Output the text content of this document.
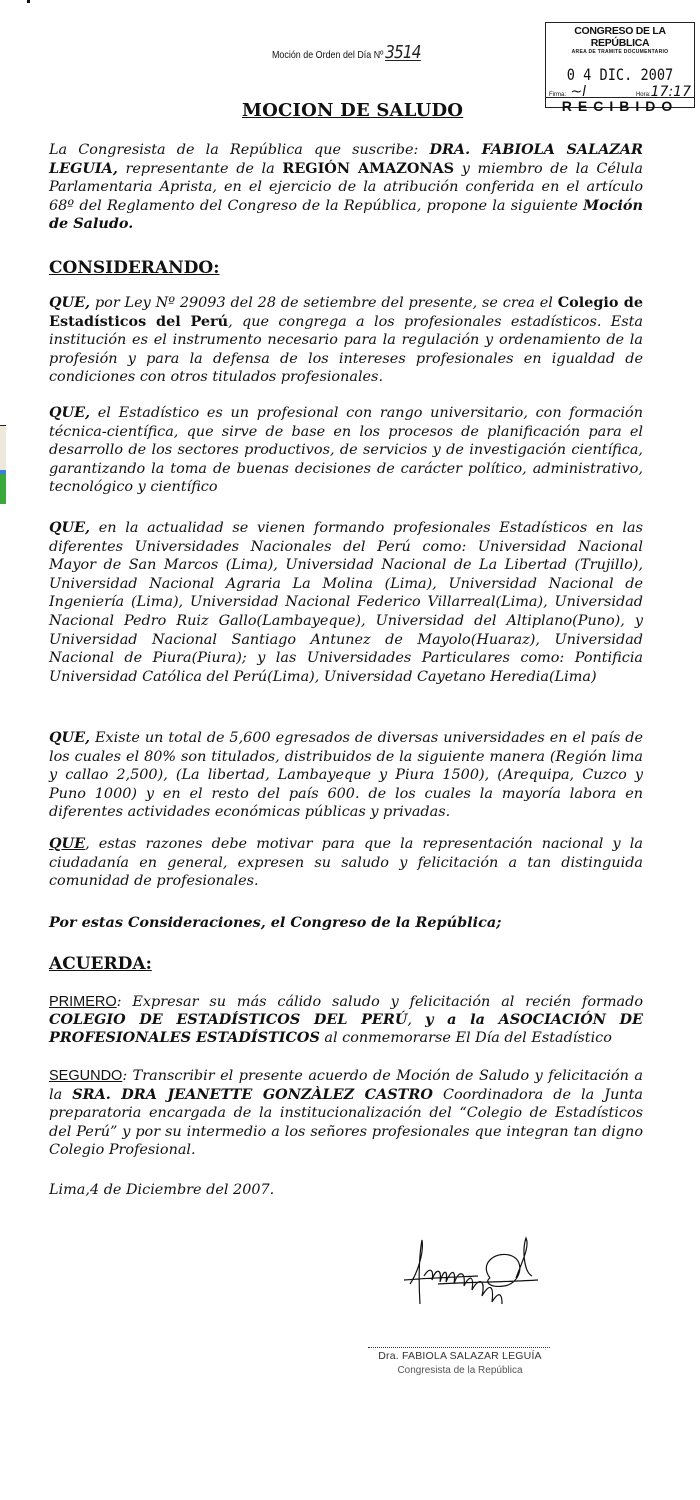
Moción de Orden del Día Nº3514
CONGRESO DE LA REPÚBLICA
AREA DE TRAMITE DOCUMENTARIO
0 4 DIC. 2007
Firma: ~l	Hora:17:17
RECIBIDO
MOCION DE SALUDO
La Congresista de la República que suscribe: DRA. FABIOLA SALAZAR LEGUIA, representante de la REGIÓN AMAZONAS y miembro de la Célula Parlamentaria Aprista, en el ejercicio de la atribución conferida en el artículo 68º del Reglamento del Congreso de la República, propone la siguiente Moción de Saludo.
CONSIDERANDO:
QUE, por Ley Nº 29093 del 28 de setiembre del presente, se crea el Colegio de Estadísticos del Perú, que congrega a los profesionales estadísticos. Esta institución es el instrumento necesario para la regulación y ordenamiento de la profesión y para la defensa de los intereses profesionales en igualdad de condiciones con otros titulados profesionales.
QUE, el Estadístico es un profesional con rango universitario, con formación técnica-científica, que sirve de base en los procesos de planificación para el desarrollo de los sectores productivos, de servicios y de investigación científica, garantizando la toma de buenas decisiones de carácter político, administrativo, tecnológico y científico
QUE, en la actualidad se vienen formando profesionales Estadísticos en las diferentes Universidades Nacionales del Perú como: Universidad Nacional Mayor de San Marcos (Lima), Universidad Nacional de La Libertad (Trujillo), Universidad Nacional Agraria La Molina (Lima), Universidad Nacional de Ingeniería (Lima), Universidad Nacional Federico Villarreal(Lima), Universidad Nacional Pedro Ruiz Gallo(Lambayeque), Universidad del Altiplano(Puno), y Universidad Nacional Santiago Antunez de Mayolo(Huaraz), Universidad Nacional de Piura(Piura); y las Universidades Particulares como: Pontificia Universidad Católica del Perú(Lima), Universidad Cayetano Heredia(Lima)
QUE, Existe un total de 5,600 egresados de diversas universidades en el país de los cuales el 80% son titulados, distribuidos de la siguiente manera (Región lima y callao 2,500), (La libertad, Lambayeque y Piura 1500), (Arequipa, Cuzco y Puno 1000) y en el resto del país 600. de los cuales la mayoría labora en diferentes actividades económicas públicas y privadas.
QUE, estas razones debe motivar para que la representación nacional y la ciudadanía en general, expresen su saludo y felicitación a tan distinguida comunidad de profesionales.
Por estas Consideraciones, el Congreso de la República;
ACUERDA:
PRIMERO: Expresar su más cálido saludo y felicitación al recién formado COLEGIO DE ESTADÍSTICOS DEL PERÚ, y a la ASOCIACIÓN DE PROFESIONALES ESTADÍSTICOS al conmemorarse El Día del Estadístico
SEGUNDO: Transcribir el presente acuerdo de Moción de Saludo y felicitación a la SRA. DRA JEANETTE GONZÀLEZ CASTRO Coordinadora de la Junta preparatoria encargada de la institucionalización del “Colegio de Estadísticos del Perú” y por su intermedio a los señores profesionales que integran tan digno Colegio Profesional.
Lima,4 de Diciembre del 2007.
Dra. FABIOLA SALAZAR LEGUÍA
Congresista de la República
